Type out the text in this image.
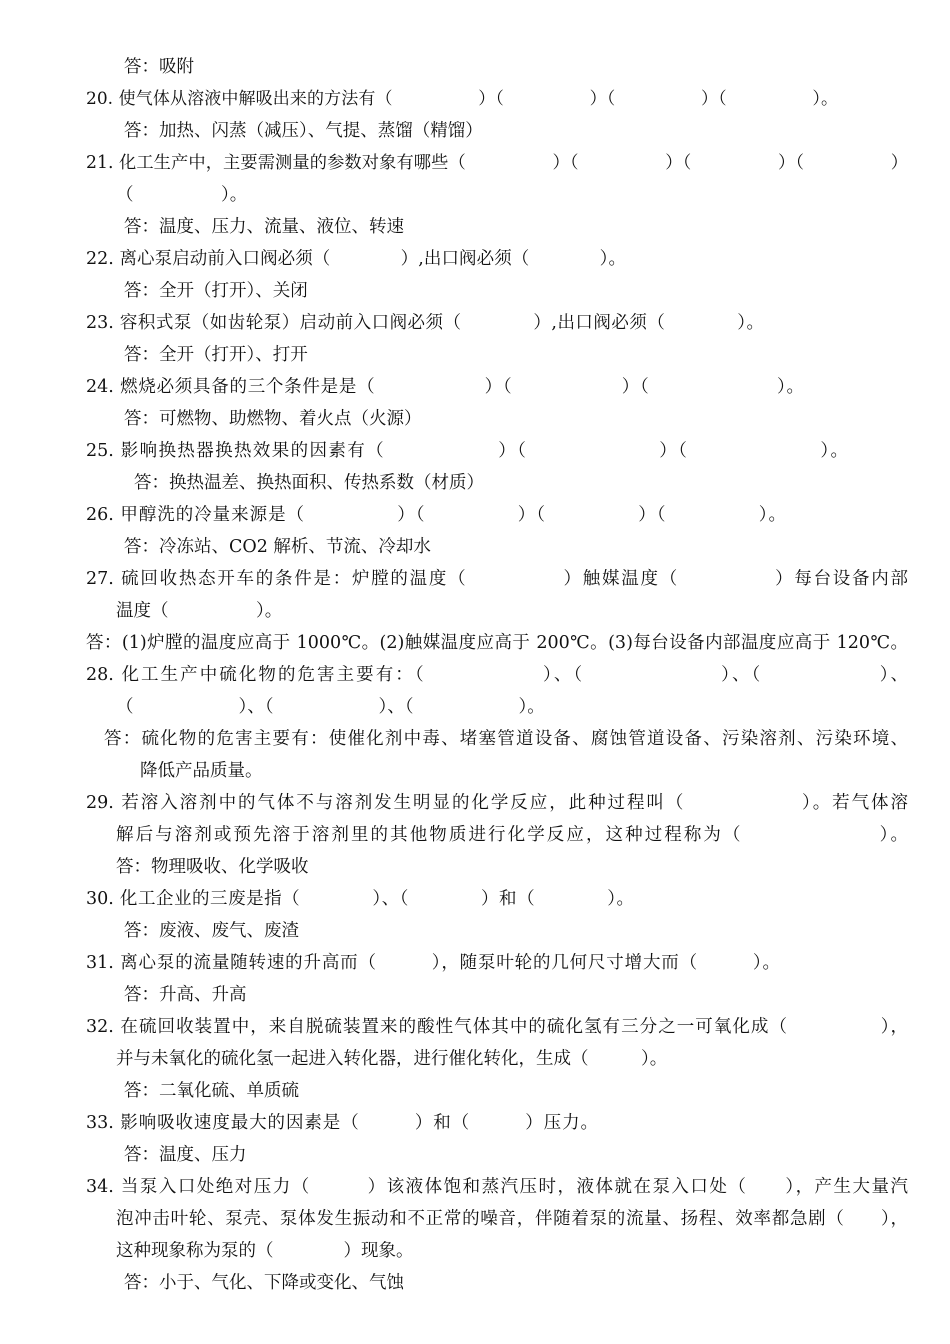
答：吸附
20. 使气体从溶液中解吸出来的方法有（　　　　　）（　　　　　）（　　　　　）（　　　　　）。
答：加热、闪蒸（减压）、气提、蒸馏（精馏）
21. 化工生产中，主要需测量的参数对象有哪些（　　　　　）（　　　　　）（　　　　　）（　　　　　）
（　　　　　）。
答：温度、压力、流量、液位、转速
22. 离心泵启动前入口阀必须（　　　　）,出口阀必须（　　　　）。
答：全开（打开）、关闭
23. 容积式泵（如齿轮泵）启动前入口阀必须（　　　　）,出口阀必须（　　　　）。
答：全开（打开）、打开
24. 燃烧必须具备的三个条件是是（　　　　　　）（　　　　　　）（　　　　　　　）。
答：可燃物、助燃物、着火点（火源）
25. 影响换热器换热效果的因素有（　　　　　　）（　　　　　　　）（　　　　　　　）。
答：换热温差、换热面积、传热系数（材质）
26. 甲醇洗的冷量来源是（　　　　　）（　　　　　）（　　　　　）（　　　　　）。
答：冷冻站、CO2 解析、节流、冷却水
27. 硫回收热态开车的条件是：炉膛的温度（　　　　　）触媒温度（　　　　　）每台设备内部
温度（　　　　　）。
答：(1)炉膛的温度应高于 1000℃。(2)触媒温度应高于 200℃。(3)每台设备内部温度应高于 120℃。
28. 化工生产中硫化物的危害主要有：（　　　　　　）、（　　　　　　　）、（　　　　　　）、
（　　　　　　）、（　　　　　　）、（　　　　　　）。
答：硫化物的危害主要有：使催化剂中毒、堵塞管道设备、腐蚀管道设备、污染溶剂、污染环境、
降低产品质量。
29. 若溶入溶剂中的气体不与溶剂发生明显的化学反应，此种过程叫（　　　　　　）。若气体溶
解后与溶剂或预先溶于溶剂里的其他物质进行化学反应，这种过程称为（　　　　　　　）。
答：物理吸收、化学吸收
30. 化工企业的三废是指（　　　　）、（　　　　）和（　　　　）。
答：废液、废气、废渣
31. 离心泵的流量随转速的升高而（　　　），随泵叶轮的几何尺寸增大而（　　　）。
答：升高、升高
32. 在硫回收装置中，来自脱硫装置来的酸性气体其中的硫化氢有三分之一可氧化成（　　　　　），
并与未氧化的硫化氢一起进入转化器，进行催化转化，生成（　　　）。
答：二氧化硫、单质硫
33. 影响吸收速度最大的因素是（　　　）和（　　　）压力。
答：温度、压力
34. 当泵入口处绝对压力（　　　）该液体饱和蒸汽压时，液体就在泵入口处（　　），产生大量汽
泡冲击叶轮、泵壳、泵体发生振动和不正常的噪音，伴随着泵的流量、扬程、效率都急剧（　　），
这种现象称为泵的（　　　　）现象。
答：小于、气化、下降或变化、气蚀
